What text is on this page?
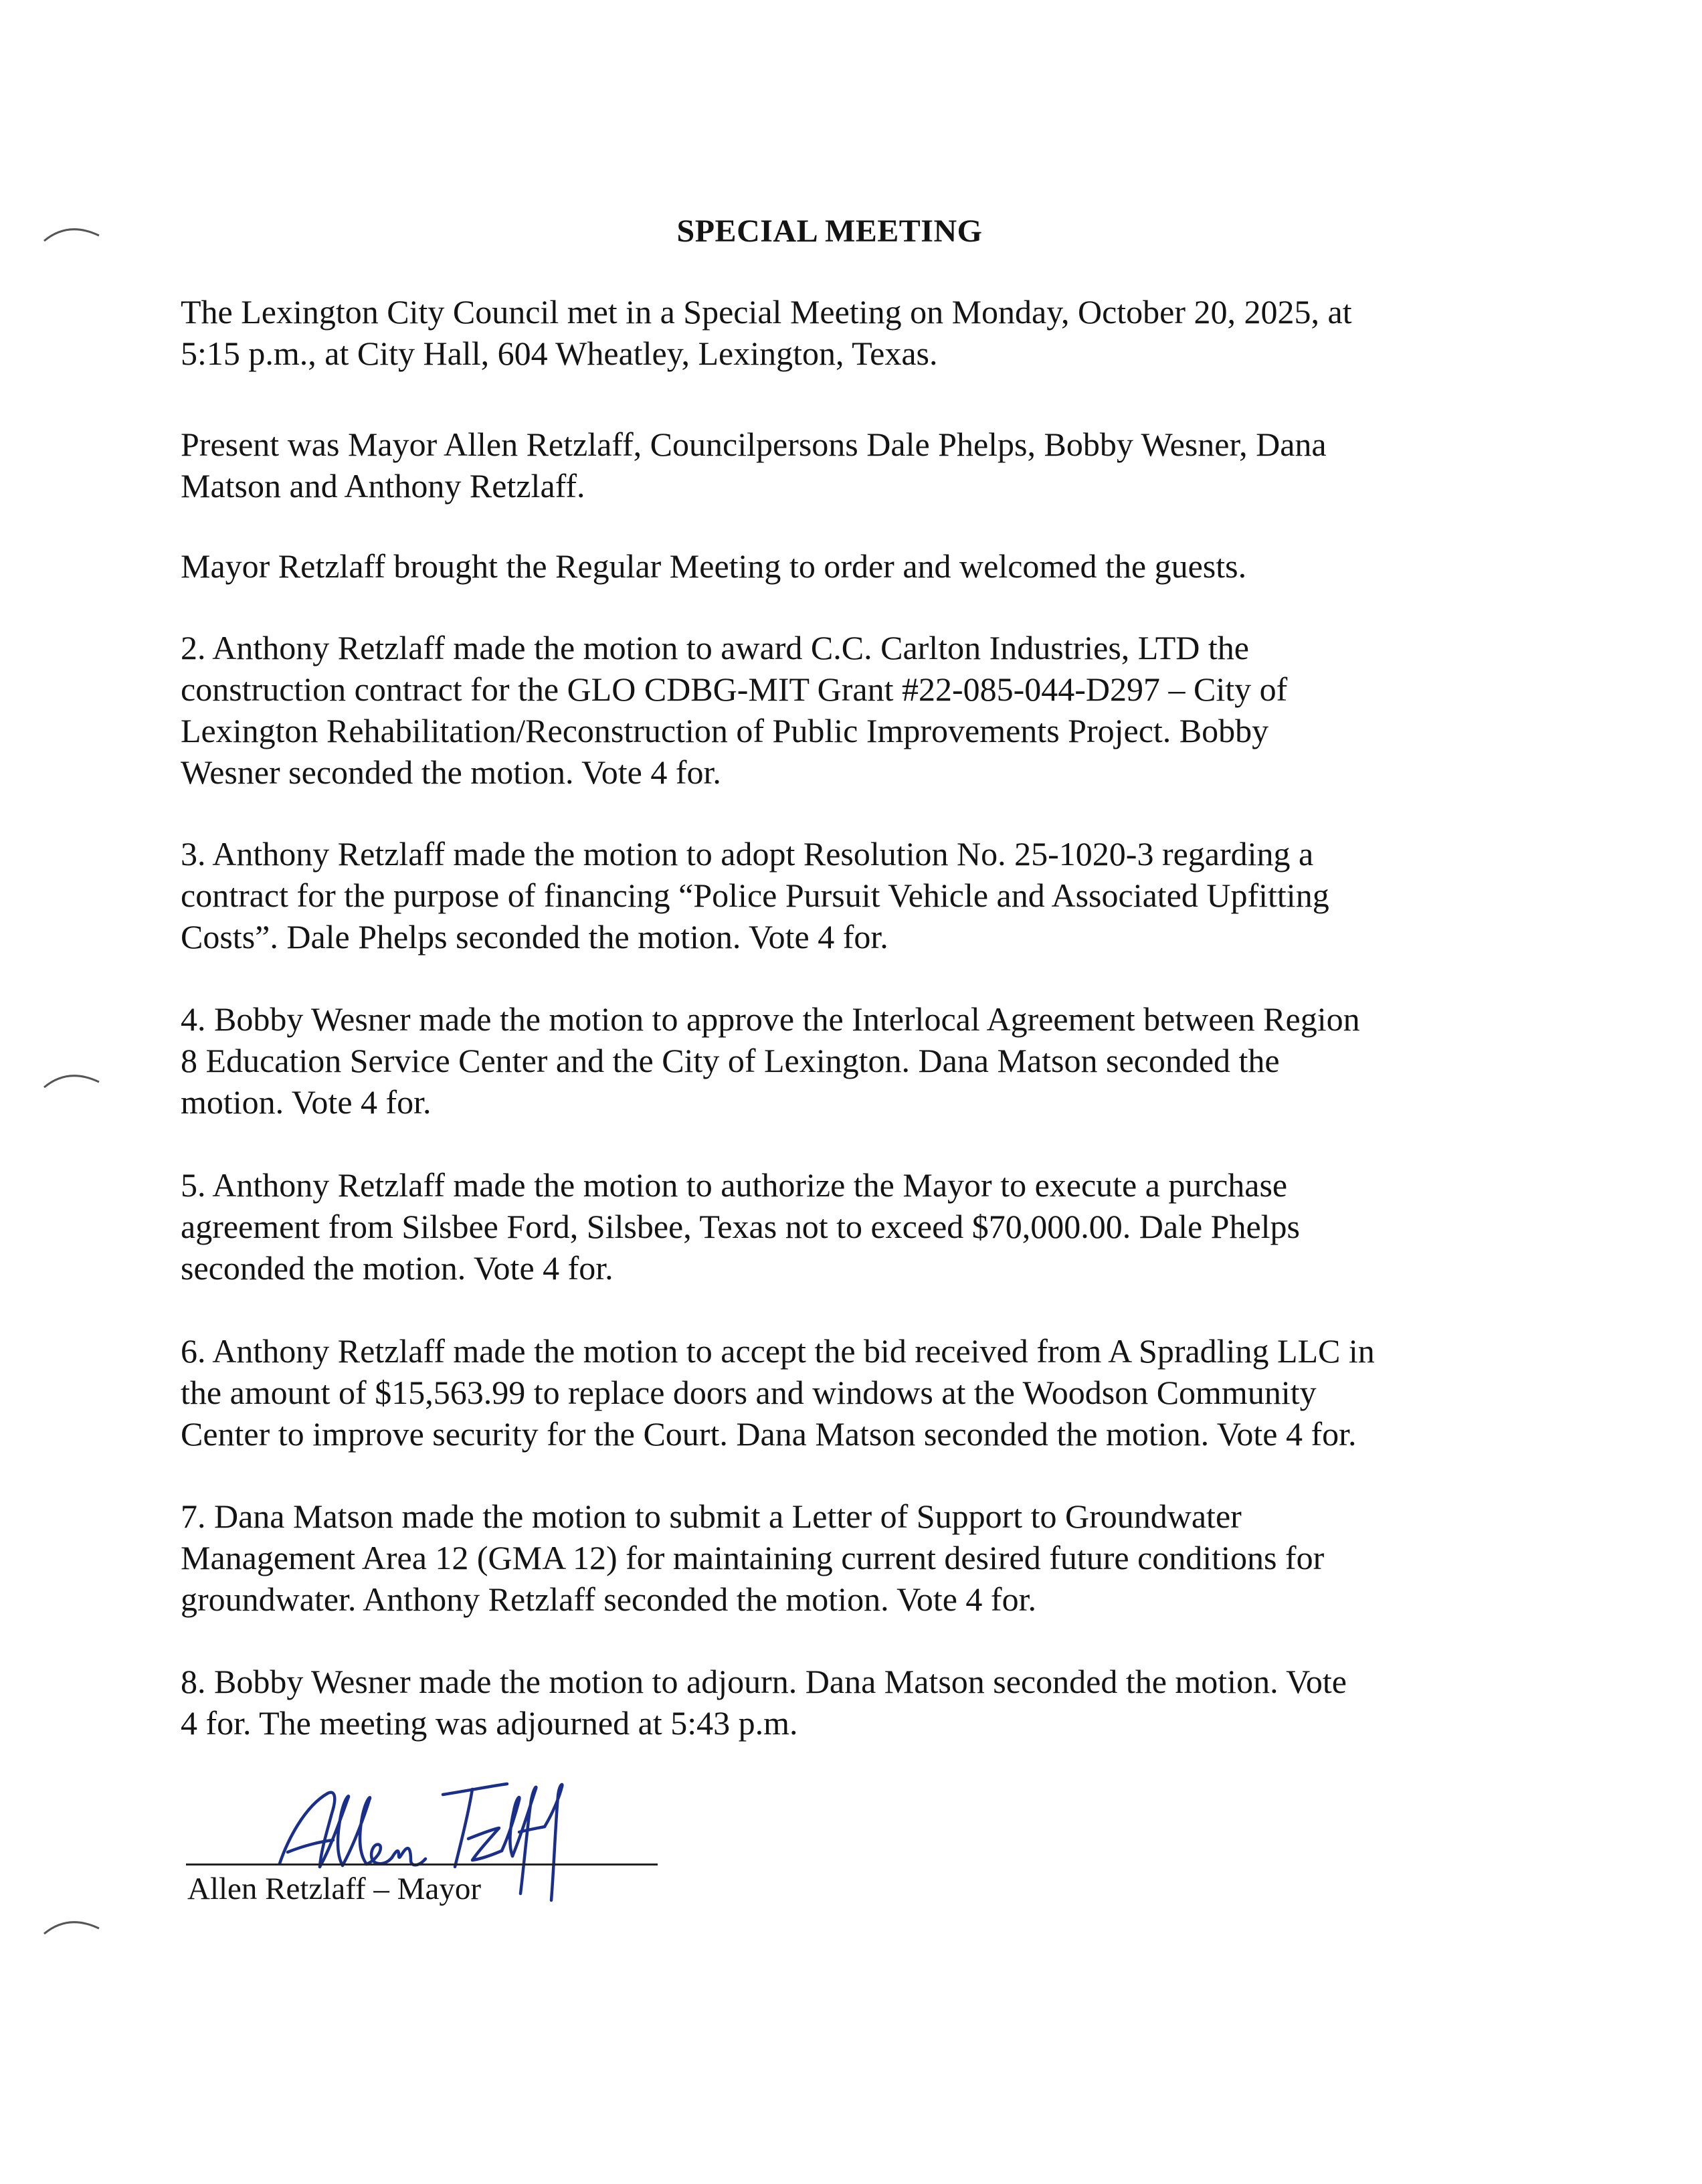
SPECIAL MEETING

The Lexington City Council met in a Special Meeting on Monday, October 20, 2025, at
5:15 p.m., at City Hall, 604 Wheatley, Lexington, Texas.

Present was Mayor Allen Retzlaff, Councilpersons Dale Phelps, Bobby Wesner, Dana
Matson and Anthony Retzlaff.

Mayor Retzlaff brought the Regular Meeting to order and welcomed the guests.

2. Anthony Retzlaff made the motion to award C.C. Carlton Industries, LTD the
construction contract for the GLO CDBG-MIT Grant #22-085-044-D297 – City of
Lexington Rehabilitation/Reconstruction of Public Improvements Project. Bobby
Wesner seconded the motion. Vote 4 for.

3. Anthony Retzlaff made the motion to adopt Resolution No. 25-1020-3 regarding a
contract for the purpose of financing “Police Pursuit Vehicle and Associated Upfitting
Costs”. Dale Phelps seconded the motion. Vote 4 for.

4. Bobby Wesner made the motion to approve the Interlocal Agreement between Region
8 Education Service Center and the City of Lexington. Dana Matson seconded the
motion. Vote 4 for.

5. Anthony Retzlaff made the motion to authorize the Mayor to execute a purchase
agreement from Silsbee Ford, Silsbee, Texas not to exceed $70,000.00. Dale Phelps
seconded the motion. Vote 4 for.

6. Anthony Retzlaff made the motion to accept the bid received from A Spradling LLC in
the amount of $15,563.99 to replace doors and windows at the Woodson Community
Center to improve security for the Court. Dana Matson seconded the motion. Vote 4 for.

7. Dana Matson made the motion to submit a Letter of Support to Groundwater
Management Area 12 (GMA 12) for maintaining current desired future conditions for
groundwater. Anthony Retzlaff seconded the motion. Vote 4 for.

8. Bobby Wesner made the motion to adjourn. Dana Matson seconded the motion. Vote
4 for. The meeting was adjourned at 5:43 p.m.

Allen Retzlaff – Mayor
